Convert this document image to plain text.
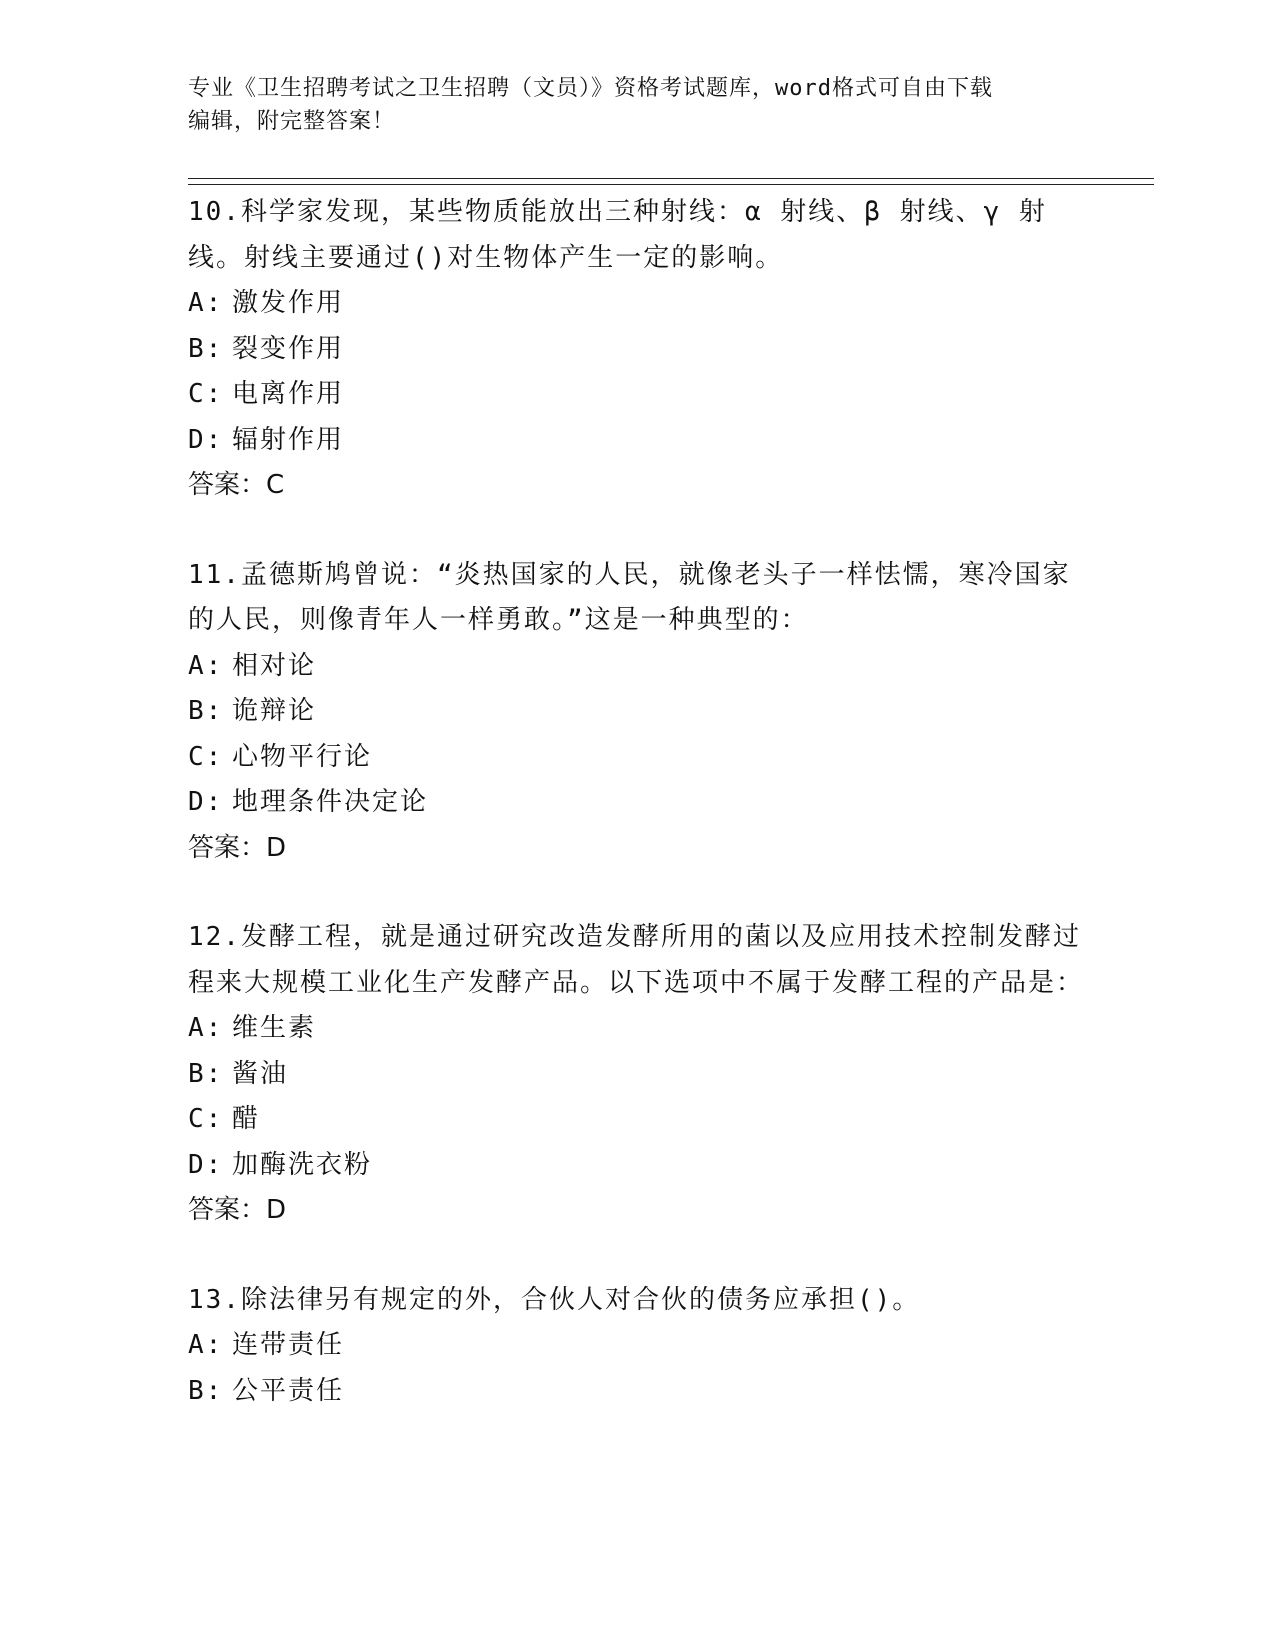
专业《卫生招聘考试之卫生招聘（文员）》资格考试题库，word格式可自由下载
编辑，附完整答案！

10.科学家发现，某些物质能放出三种射线：α 射线、β 射线、γ 射线。射线主要通过()对生物体产生一定的影响。

A: 激发作用

B: 裂变作用

C: 电离作用

D: 辐射作用

答案：C

11.孟德斯鸠曾说：“炎热国家的人民，就像老头子一样怯懦，寒冷国家的人民，则像青年人一样勇敢。”这是一种典型的：

A: 相对论

B: 诡辩论

C: 心物平行论

D: 地理条件决定论

答案：D

12.发酵工程，就是通过研究改造发酵所用的菌以及应用技术控制发酵过程来大规模工业化生产发酵产品。以下选项中不属于发酵工程的产品是：

A: 维生素

B: 酱油

C: 醋

D: 加酶洗衣粉

答案：D

13.除法律另有规定的外，合伙人对合伙的债务应承担()。

A: 连带责任

B: 公平责任
